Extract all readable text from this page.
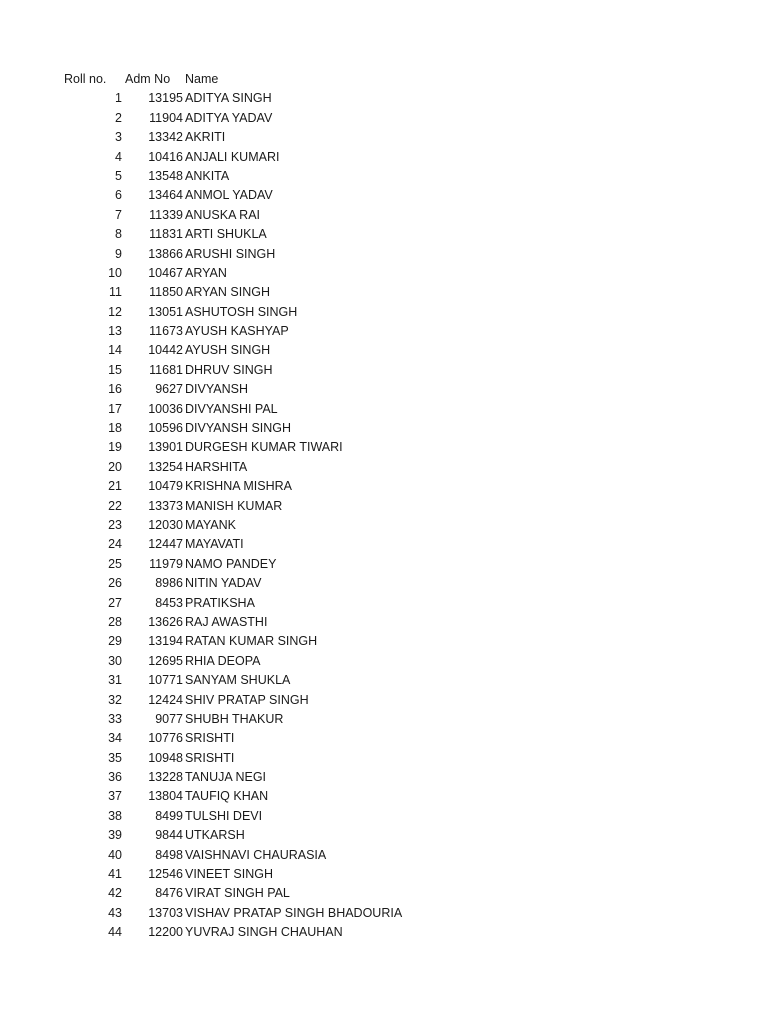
Roll no. Adm No Name
1	13195 ADITYA SINGH
2	11904 ADITYA YADAV
3	13342 AKRITI
4	10416 ANJALI KUMARI
5	13548 ANKITA
6	13464 ANMOL YADAV
7	11339 ANUSKA RAI
8	11831 ARTI SHUKLA
9	13866 ARUSHI SINGH
10	10467 ARYAN
11	11850 ARYAN SINGH
12	13051 ASHUTOSH SINGH
13	11673 AYUSH KASHYAP
14	10442 AYUSH SINGH
15	11681 DHRUV SINGH
16	9627 DIVYANSH
17	10036 DIVYANSHI PAL
18	10596 DIVYANSH SINGH
19	13901 DURGESH KUMAR TIWARI
20	13254 HARSHITA
21	10479 KRISHNA MISHRA
22	13373 MANISH KUMAR
23	12030 MAYANK
24	12447 MAYAVATI
25	11979 NAMO PANDEY
26	8986 NITIN YADAV
27	8453 PRATIKSHA
28	13626 RAJ AWASTHI
29	13194 RATAN KUMAR SINGH
30	12695 RHIA DEOPA
31	10771 SANYAM SHUKLA
32	12424 SHIV PRATAP SINGH
33	9077 SHUBH THAKUR
34	10776 SRISHTI
35	10948 SRISHTI
36	13228 TANUJA NEGI
37	13804 TAUFIQ KHAN
38	8499 TULSHI DEVI
39	9844 UTKARSH
40	8498 VAISHNAVI CHAURASIA
41	12546 VINEET SINGH
42	8476 VIRAT SINGH PAL
43	13703 VISHAV PRATAP SINGH BHADOURIA
44	12200 YUVRAJ SINGH CHAUHAN
